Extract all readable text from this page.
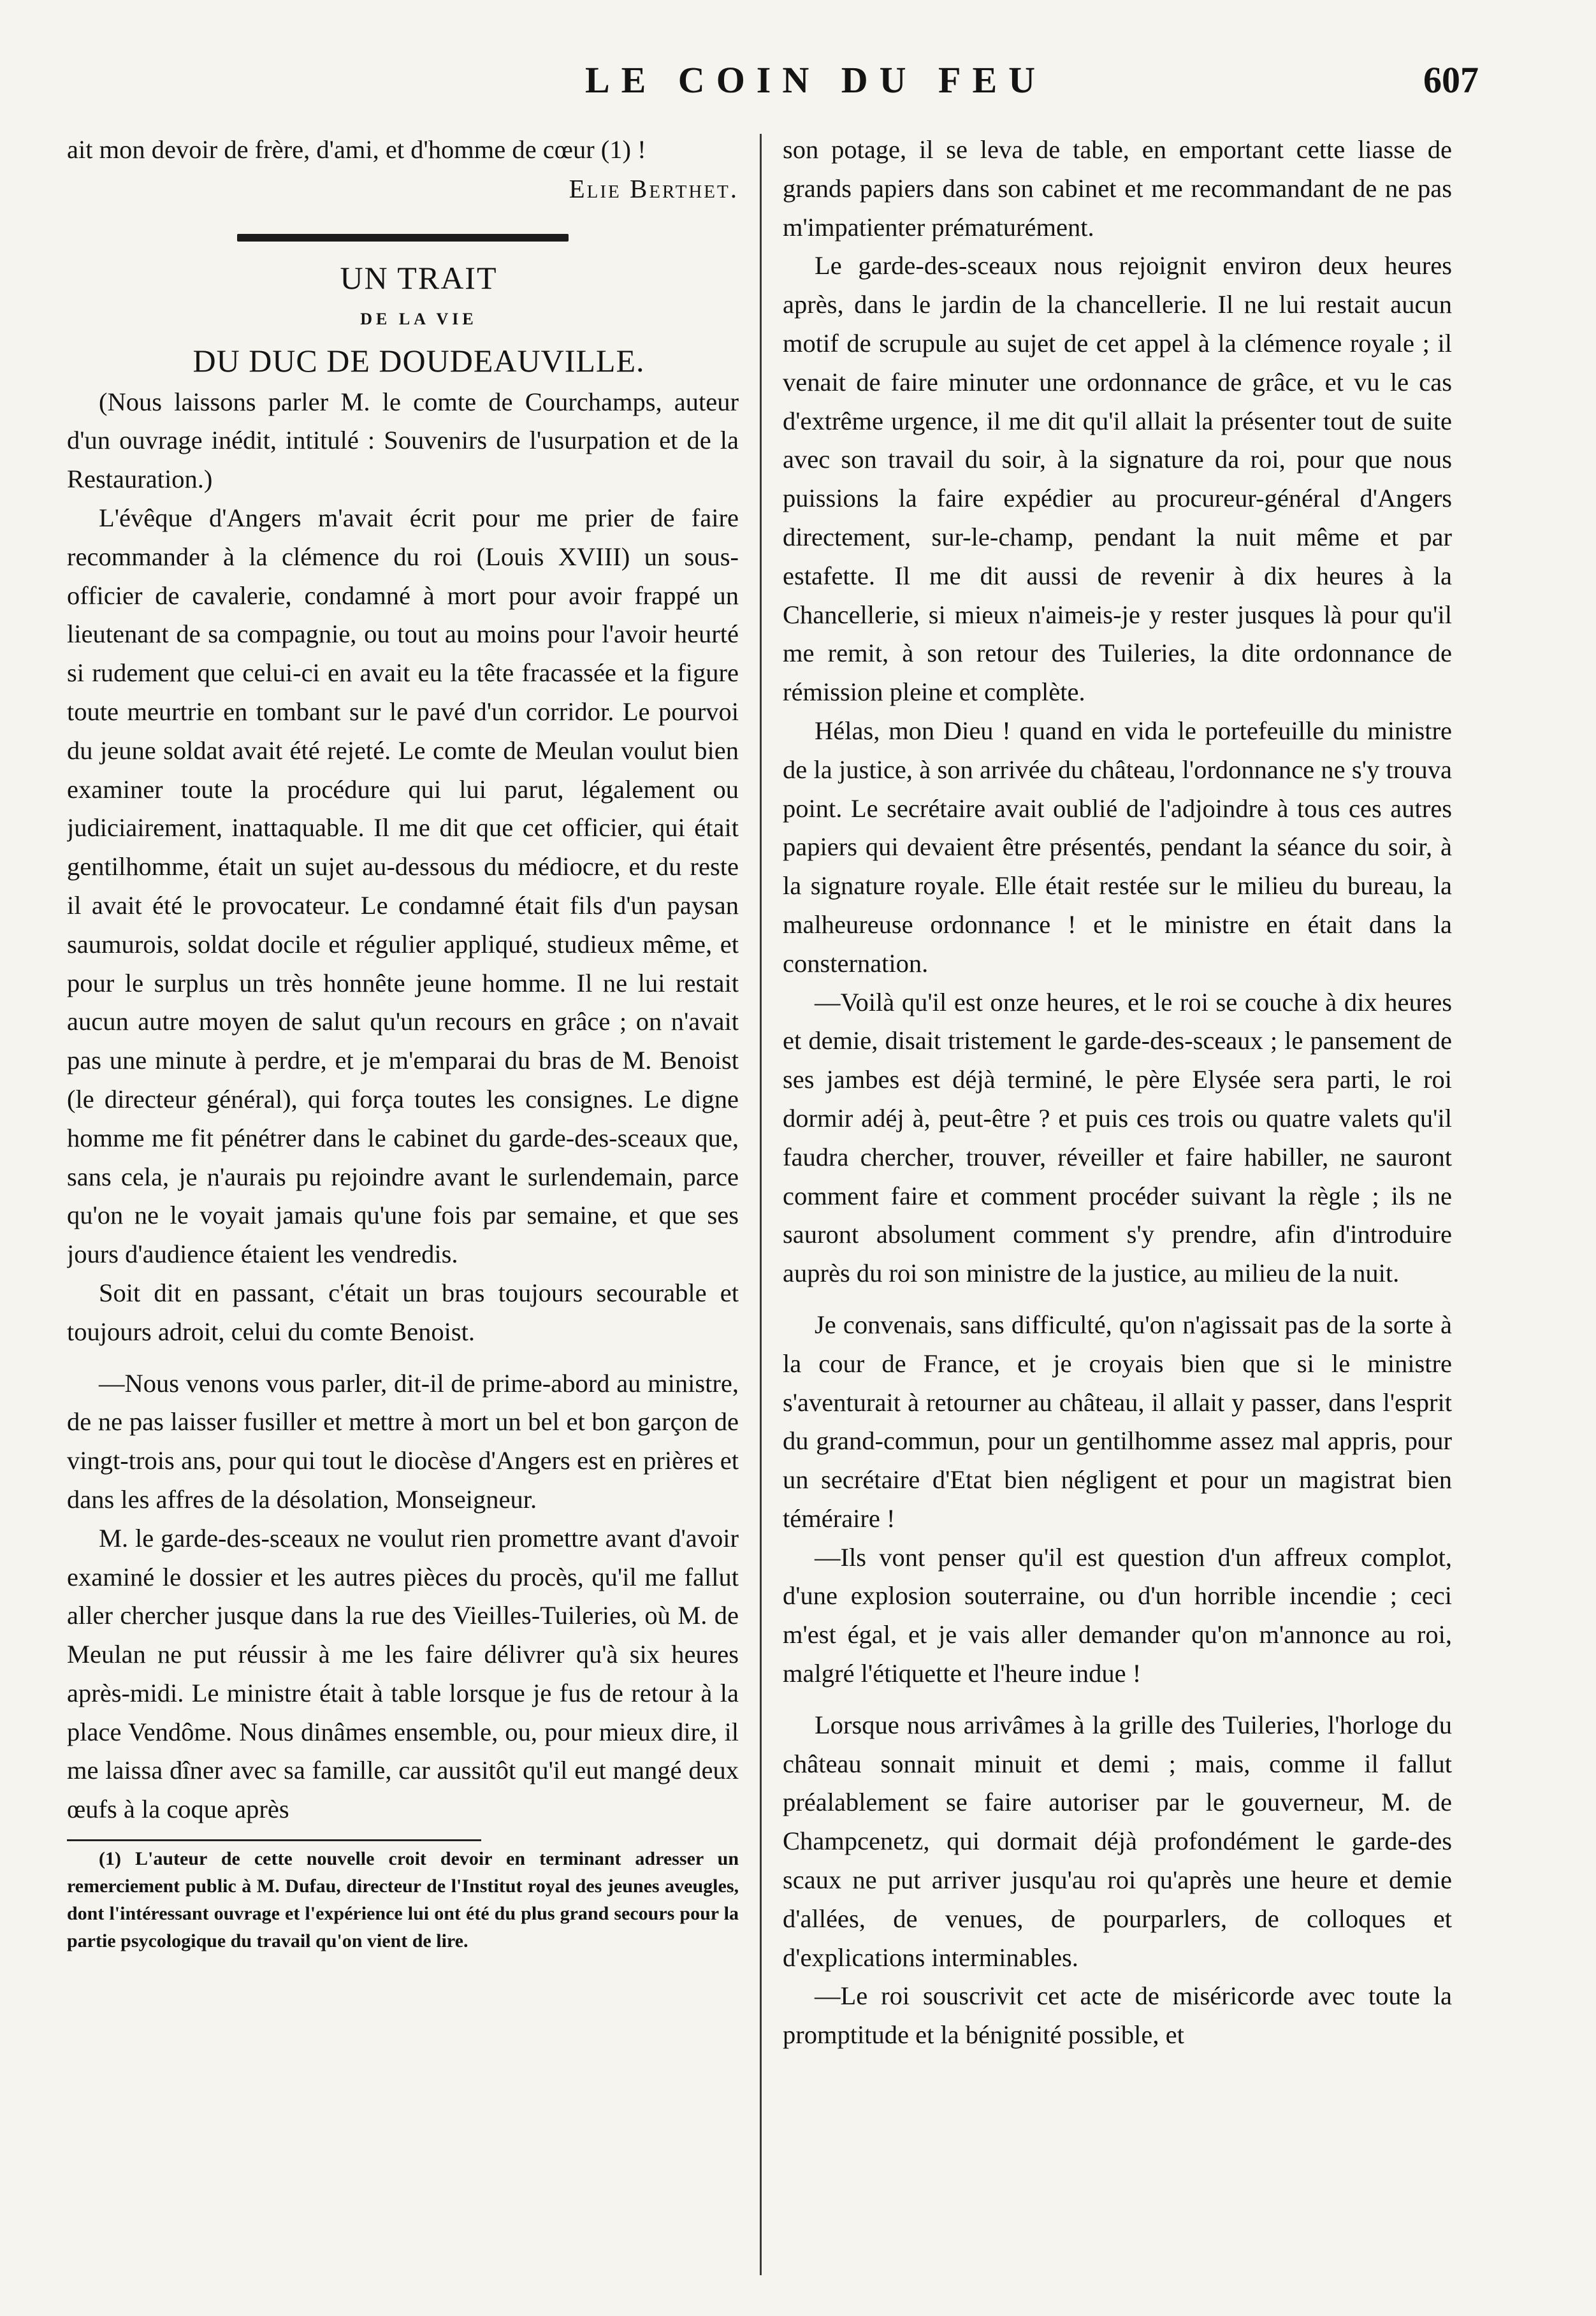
LE COIN DU FEU	607

ait mon devoir de frère, d'ami, et d'homme de cœur (1) !

Elie Berthet.

UN TRAIT

DE LA VIE

DU DUC DE DOUDEAUVILLE.

(Nous laissons parler M. le comte de Courchamps, auteur d'un ouvrage inédit, intitulé : Souvenirs de l'usurpation et de la Restauration.)

L'évêque d'Angers m'avait écrit pour me prier de faire recommander à la clémence du roi (Louis XVIII) un sous-officier de cavalerie, condamné à mort pour avoir frappé un lieutenant de sa compagnie, ou tout au moins pour l'avoir heurté si rudement que celui-ci en avait eu la tête fracassée et la figure toute meurtrie en tombant sur le pavé d'un corridor. Le pourvoi du jeune soldat avait été rejeté. Le comte de Meulan voulut bien examiner toute la procédure qui lui parut, légalement ou judiciairement, inattaquable. Il me dit que cet officier, qui était gentilhomme, était un sujet au-dessous du médiocre, et du reste il avait été le provocateur. Le condamné était fils d'un paysan saumurois, soldat docile et régulier appliqué, studieux même, et pour le surplus un très honnête jeune homme. Il ne lui restait aucun autre moyen de salut qu'un recours en grâce ; on n'avait pas une minute à perdre, et je m'emparai du bras de M. Benoist (le directeur général), qui força toutes les consignes. Le digne homme me fit pénétrer dans le cabinet du garde-des-sceaux que, sans cela, je n'aurais pu rejoindre avant le surlendemain, parce qu'on ne le voyait jamais qu'une fois par semaine, et que ses jours d'audience étaient les vendredis.

Soit dit en passant, c'était un bras toujours secourable et toujours adroit, celui du comte Benoist.

—Nous venons vous parler, dit-il de prime-abord au ministre, de ne pas laisser fusiller et mettre à mort un bel et bon garçon de vingt-trois ans, pour qui tout le diocèse d'Angers est en prières et dans les affres de la désolation, Monseigneur.

M. le garde-des-sceaux ne voulut rien promettre avant d'avoir examiné le dossier et les autres pièces du procès, qu'il me fallut aller chercher jusque dans la rue des Vieilles-Tuileries, où M. de Meulan ne put réussir à me les faire délivrer qu'à six heures après-midi. Le ministre était à table lorsque je fus de retour à la place Vendôme. Nous dinâmes ensemble, ou, pour mieux dire, il me laissa dîner avec sa famille, car aussitôt qu'il eut mangé deux œufs à la coque après

(1) L'auteur de cette nouvelle croit devoir en terminant adresser un remerciement public à M. Dufau, directeur de l'Institut royal des jeunes aveugles, dont l'intéressant ouvrage et l'expérience lui ont été du plus grand secours pour la partie psycologique du travail qu'on vient de lire.

son potage, il se leva de table, en emportant cette liasse de grands papiers dans son cabinet et me recommandant de ne pas m'impatienter prématurément.

Le garde-des-sceaux nous rejoignit environ deux heures après, dans le jardin de la chancellerie. Il ne lui restait aucun motif de scrupule au sujet de cet appel à la clémence royale ; il venait de faire minuter une ordonnance de grâce, et vu le cas d'extrême urgence, il me dit qu'il allait la présenter tout de suite avec son travail du soir, à la signature da roi, pour que nous puissions la faire expédier au procureur-général d'Angers directement, sur-le-champ, pendant la nuit même et par estafette. Il me dit aussi de revenir à dix heures à la Chancellerie, si mieux n'aimeis-je y rester jusques là pour qu'il me remit, à son retour des Tuileries, la dite ordonnance de rémission pleine et complète.

Hélas, mon Dieu ! quand en vida le portefeuille du ministre de la justice, à son arrivée du château, l'ordonnance ne s'y trouva point. Le secrétaire avait oublié de l'adjoindre à tous ces autres papiers qui devaient être présentés, pendant la séance du soir, à la signature royale. Elle était restée sur le milieu du bureau, la malheureuse ordonnance ! et le ministre en était dans la consternation.

—Voilà qu'il est onze heures, et le roi se couche à dix heures et demie, disait tristement le garde-des-sceaux ; le pansement de ses jambes est déjà terminé, le père Elysée sera parti, le roi dormir adéj à, peut-être ? et puis ces trois ou quatre valets qu'il faudra chercher, trouver, réveiller et faire habiller, ne sauront comment faire et comment procéder suivant la règle ; ils ne sauront absolument comment s'y prendre, afin d'introduire auprès du roi son ministre de la justice, au milieu de la nuit.

Je convenais, sans difficulté, qu'on n'agissait pas de la sorte à la cour de France, et je croyais bien que si le ministre s'aventurait à retourner au château, il allait y passer, dans l'esprit du grand-commun, pour un gentilhomme assez mal appris, pour un secrétaire d'Etat bien négligent et pour un magistrat bien téméraire !

—Ils vont penser qu'il est question d'un affreux complot, d'une explosion souterraine, ou d'un horrible incendie ; ceci m'est égal, et je vais aller demander qu'on m'annonce au roi, malgré l'étiquette et l'heure indue !

Lorsque nous arrivâmes à la grille des Tuileries, l'horloge du château sonnait minuit et demi ; mais, comme il fallut préalablement se faire autoriser par le gouverneur, M. de Champcenetz, qui dormait déjà profondément le garde-des scaux ne put arriver jusqu'au roi qu'après une heure et demie d'allées, de venues, de pourparlers, de colloques et d'explications interminables.

—Le roi souscrivit cet acte de miséricorde avec toute la promptitude et la bénignité possible, et
